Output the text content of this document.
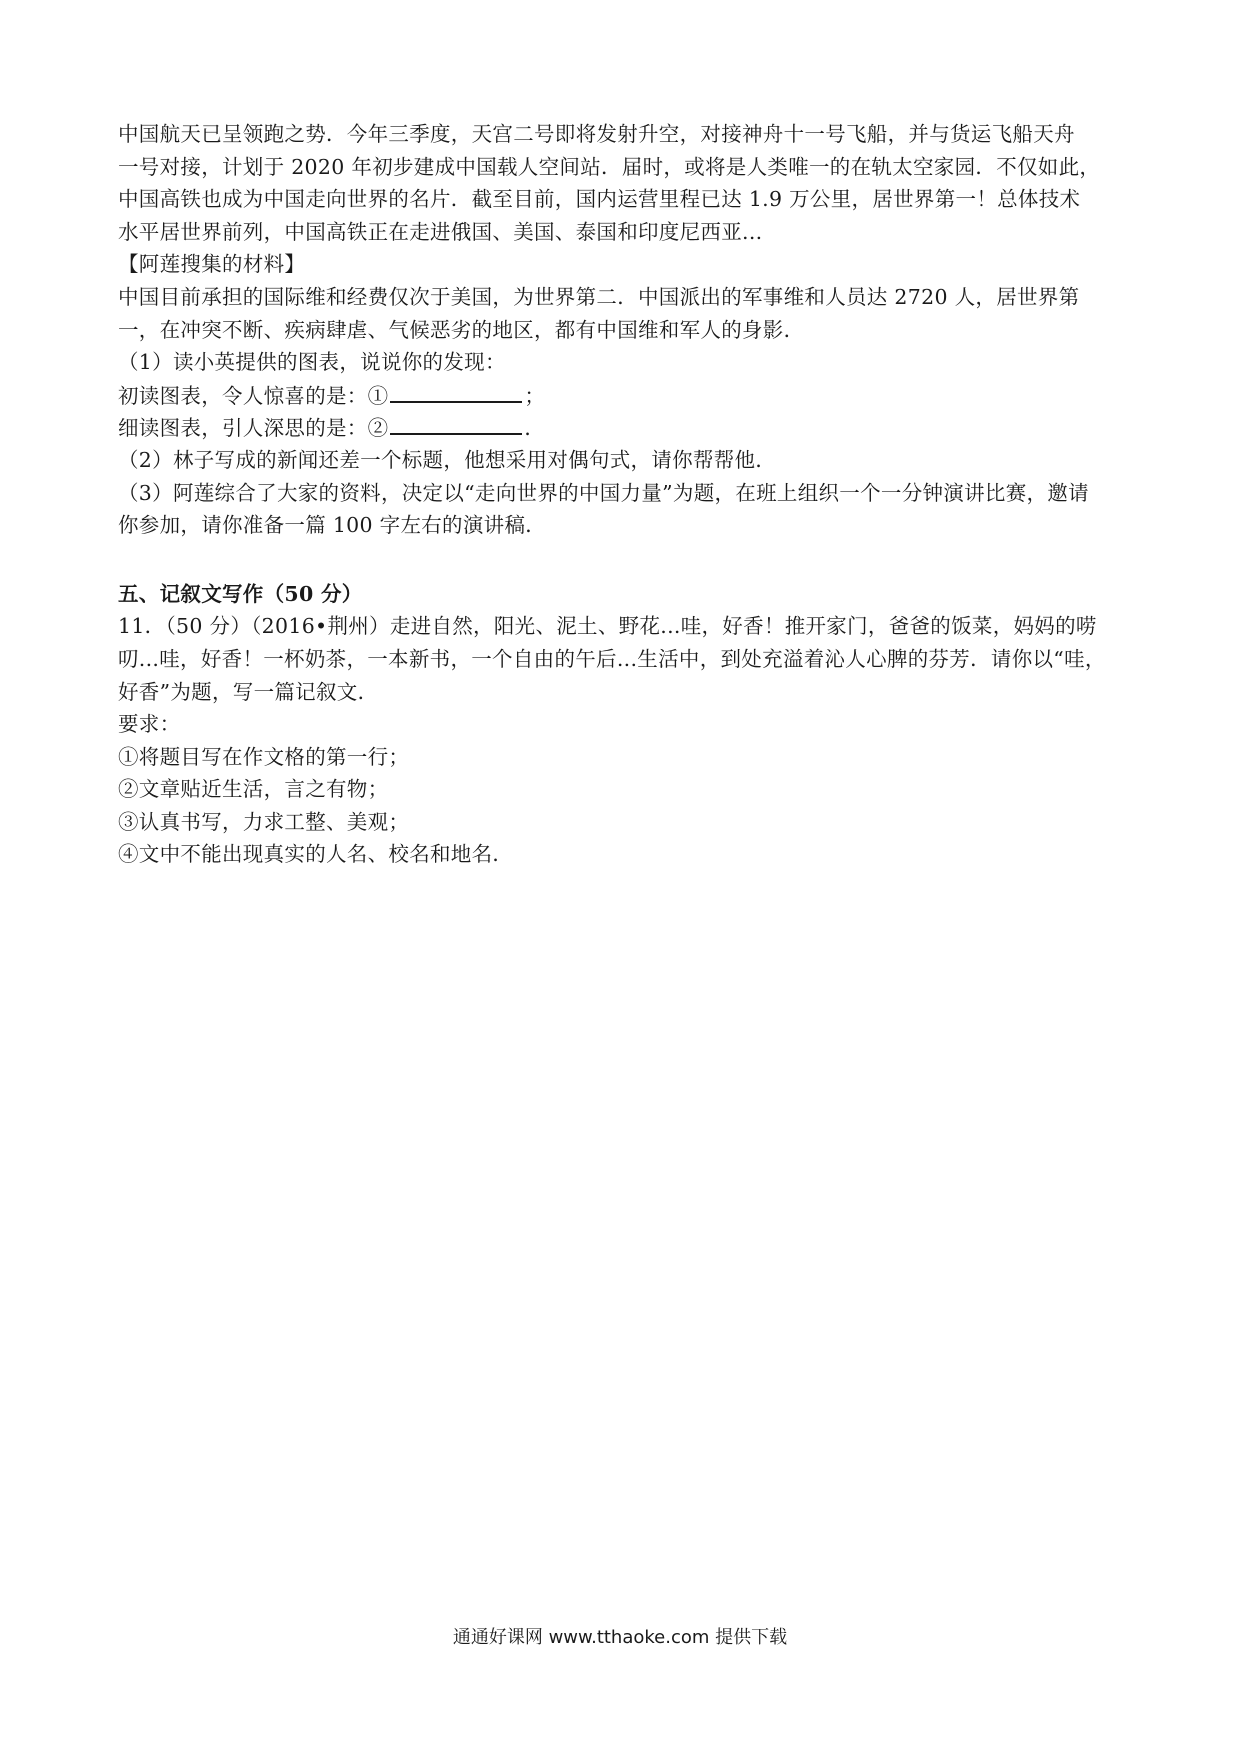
中国航天已呈领跑之势．今年三季度，天宫二号即将发射升空，对接神舟十一号飞船，并与货运飞船天舟
一号对接，计划于 2020 年初步建成中国载人空间站．届时，或将是人类唯一的在轨太空家园．不仅如此，
中国高铁也成为中国走向世界的名片．截至目前，国内运营里程已达 1.9 万公里，居世界第一！总体技术
水平居世界前列，中国高铁正在走进俄国、美国、泰国和印度尼西亚...
【阿莲搜集的材料】
中国目前承担的国际维和经费仅次于美国，为世界第二．中国派出的军事维和人员达 2720 人，居世界第
一，在冲突不断、疾病肆虐、气候恶劣的地区，都有中国维和军人的身影．
（1）读小英提供的图表，说说你的发现：
初读图表，令人惊喜的是：①	；
细读图表，引人深思的是：②	．
（2）林子写成的新闻还差一个标题，他想采用对偶句式，请你帮帮他．
（3）阿莲综合了大家的资料，决定以“走向世界的中国力量”为题，在班上组织一个一分钟演讲比赛，邀请
你参加，请你准备一篇 100 字左右的演讲稿．
五、记叙文写作（50 分）
11．（50 分）（2016•荆州）走进自然，阳光、泥土、野花...哇，好香！推开家门，爸爸的饭菜，妈妈的唠
叨...哇，好香！一杯奶茶，一本新书，一个自由的午后...生活中，到处充溢着沁人心脾的芬芳．请你以“哇，
好香”为题，写一篇记叙文．
要求：
①将题目写在作文格的第一行；
②文章贴近生活，言之有物；
③认真书写，力求工整、美观；
④文中不能出现真实的人名、校名和地名．
通通好课网 www.tthaoke.com 提供下载
